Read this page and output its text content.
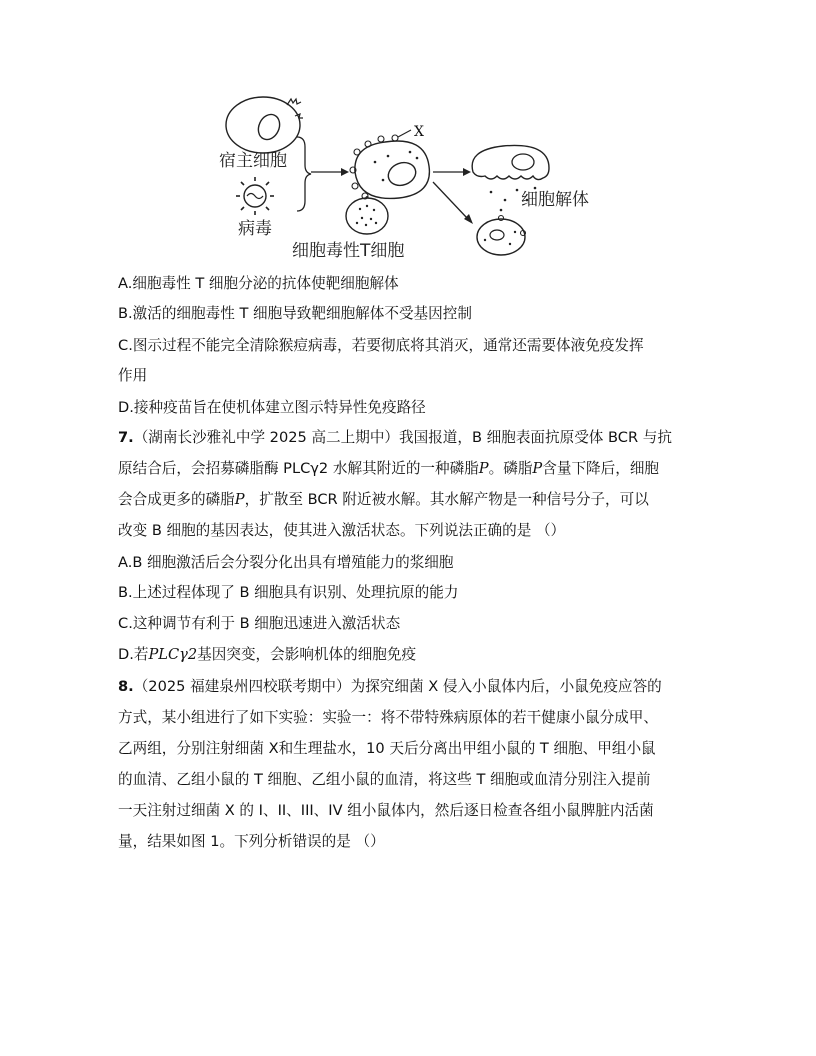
宿主细胞
病毒
X
细胞毒性T细胞
细胞解体
A.细胞毒性 T 细胞分泌的抗体使靶细胞解体
B.激活的细胞毒性 T 细胞导致靶细胞解体不受基因控制
C.图示过程不能完全清除猴痘病毒，若要彻底将其消灭，通常还需要体液免疫发挥
作用
D.接种疫苗旨在使机体建立图示特异性免疫路径
7.（湖南长沙雅礼中学 2025 高二上期中）我国报道，B 细胞表面抗原受体 BCR 与抗
原结合后，会招募磷脂酶 PLCγ2 水解其附近的一种磷脂P。磷脂P含量下降后，细胞
会合成更多的磷脂P，扩散至 BCR 附近被水解。其水解产物是一种信号分子，可以
改变 B 细胞的基因表达，使其进入激活状态。下列说法正确的是 （）
A.B 细胞激活后会分裂分化出具有增殖能力的浆细胞
B.上述过程体现了 B 细胞具有识别、处理抗原的能力
C.这种调节有利于 B 细胞迅速进入激活状态
D.若PLCγ2基因突变，会影响机体的细胞免疫
8.（2025 福建泉州四校联考期中）为探究细菌 X 侵入小鼠体内后，小鼠免疫应答的
方式，某小组进行了如下实验：实验一：将不带特殊病原体的若干健康小鼠分成甲、
乙两组，分别注射细菌 X和生理盐水，10 天后分离出甲组小鼠的 T 细胞、甲组小鼠
的血清、乙组小鼠的 T 细胞、乙组小鼠的血清，将这些 T 细胞或血清分别注入提前
一天注射过细菌 X 的 I、II、III、IV 组小鼠体内，然后逐日检查各组小鼠脾脏内活菌
量，结果如图 1。下列分析错误的是 （）
